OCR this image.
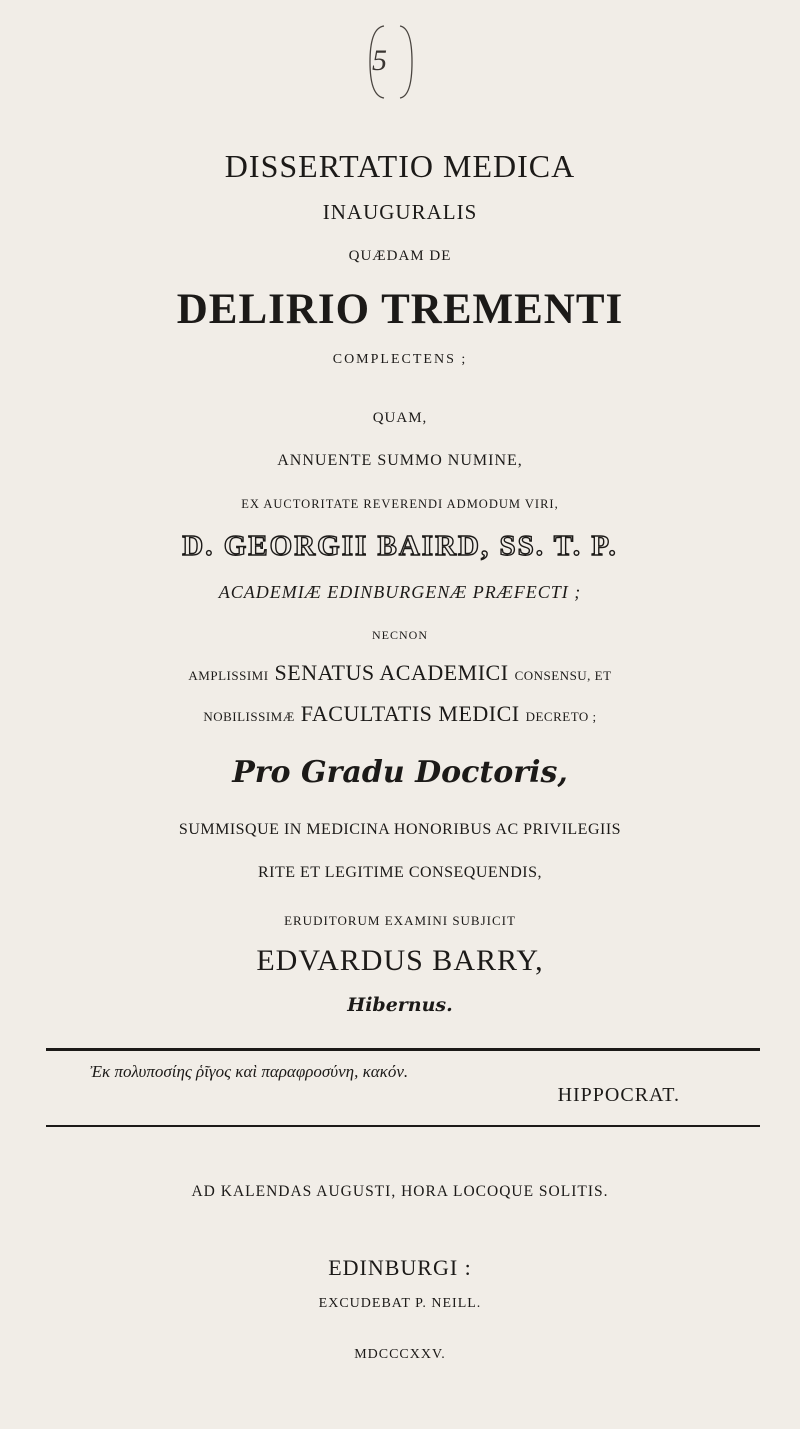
5
DISSERTATIO MEDICA
INAUGURALIS
QUÆDAM DE
DELIRIO TREMENTI
COMPLECTENS ;
QUAM,
ANNUENTE SUMMO NUMINE,
EX AUCTORITATE REVERENDI ADMODUM VIRI,
D. GEORGII BAIRD, SS. T. P.
ACADEMIÆ EDINBURGENÆ PRÆFECTI ;
NECNON
AMPLISSIMI SENATUS ACADEMICI CONSENSU, ET
NOBILISSIMÆ FACULTATIS MEDICI DECRETO ;
Pro Gradu Doctoris,
SUMMISQUE IN MEDICINA HONORIBUS AC PRIVILEGIIS
RITE ET LEGITIME CONSEQUENDIS,
ERUDITORUM EXAMINI SUBJICIT
EDVARDUS BARRY,
Hibernus.
Ἐκ πολυποσίης ῥῖγος καὶ παραφροσύνη, κακόν.
HIPPOCRAT.
AD KALENDAS AUGUSTI, HORA LOCOQUE SOLITIS.
EDINBURGI :
EXCUDEBAT P. NEILL.
MDCCCXXV.
